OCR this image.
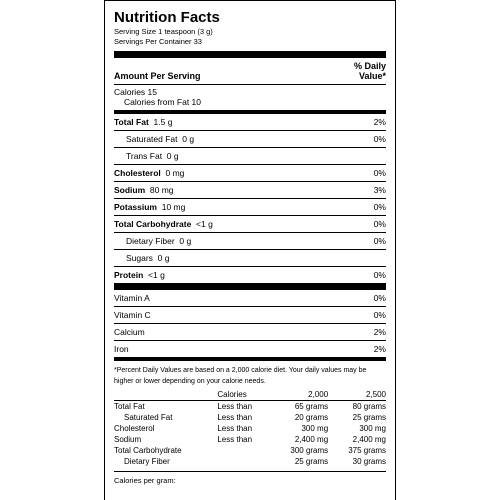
Nutrition Facts
Serving Size 1 teaspoon (3 g)
Servings Per Container 33
Amount Per Serving
% Daily
Value*
Calories 15
Calories from Fat 10
Total Fat 1.5 g	2%
Saturated Fat 0 g	0%
Trans Fat 0 g
Cholesterol 0 mg	0%
Sodium 80 mg	3%
Potassium 10 mg	0%
Total Carbohydrate <1 g	0%
Dietary Fiber 0 g	0%
Sugars 0 g
Protein <1 g	0%
Vitamin A	0%
Vitamin C	0%
Calcium	2%
Iron	2%
*Percent Daily Values are based on a 2,000 calorie diet. Your daily values may be higher or lower depending on your calorie needs.
	Calories	2,000	2,500
Total Fat	Less than	65 grams	80 grams
Saturated Fat	Less than	20 grams	25 grams
Cholesterol	Less than	300 mg	300 mg
Sodium	Less than	2,400 mg	2,400 mg
Total Carbohydrate		300 grams	375 grams
Dietary Fiber		25 grams	30 grams
Calories per gram:
